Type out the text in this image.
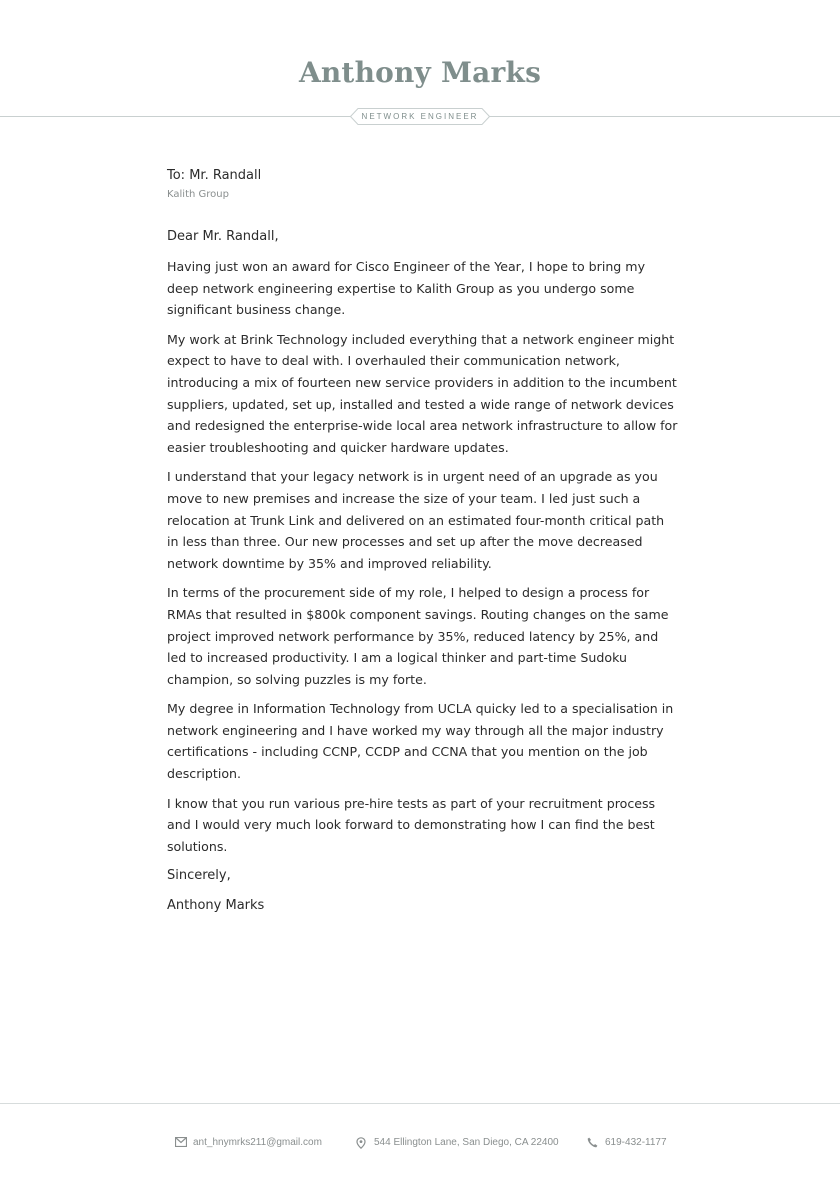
Anthony Marks
NETWORK ENGINEER

To: Mr. Randall

Kalith Group

Dear Mr. Randall,

Having just won an award for Cisco Engineer of the Year, I hope to bring my deep network engineering expertise to Kalith Group as you undergo some significant business change.

My work at Brink Technology included everything that a network engineer might expect to have to deal with. I overhauled their communication network, introducing a mix of fourteen new service providers in addition to the incumbent suppliers, updated, set up, installed and tested a wide range of network devices and redesigned the enterprise-wide local area network infrastructure to allow for easier troubleshooting and quicker hardware updates.

I understand that your legacy network is in urgent need of an upgrade as you move to new premises and increase the size of your team. I led just such a relocation at Trunk Link and delivered on an estimated four-month critical path in less than three. Our new processes and set up after the move decreased network downtime by 35% and improved reliability.

In terms of the procurement side of my role, I helped to design a process for RMAs that resulted in $800k component savings. Routing changes on the same project improved network performance by 35%, reduced latency by 25%, and led to increased productivity. I am a logical thinker and part-time Sudoku champion, so solving puzzles is my forte.

My degree in Information Technology from UCLA quicky led to a specialisation in network engineering and I have worked my way through all the major industry certifications - including CCNP, CCDP and CCNA that you mention on the job description.

I know that you run various pre-hire tests as part of your recruitment process and I would very much look forward to demonstrating how I can find the best solutions.

Sincerely,

Anthony Marks

ant_hnymrks211@gmail.com	544 Ellington Lane, San Diego, CA 22400	619-432-1177
